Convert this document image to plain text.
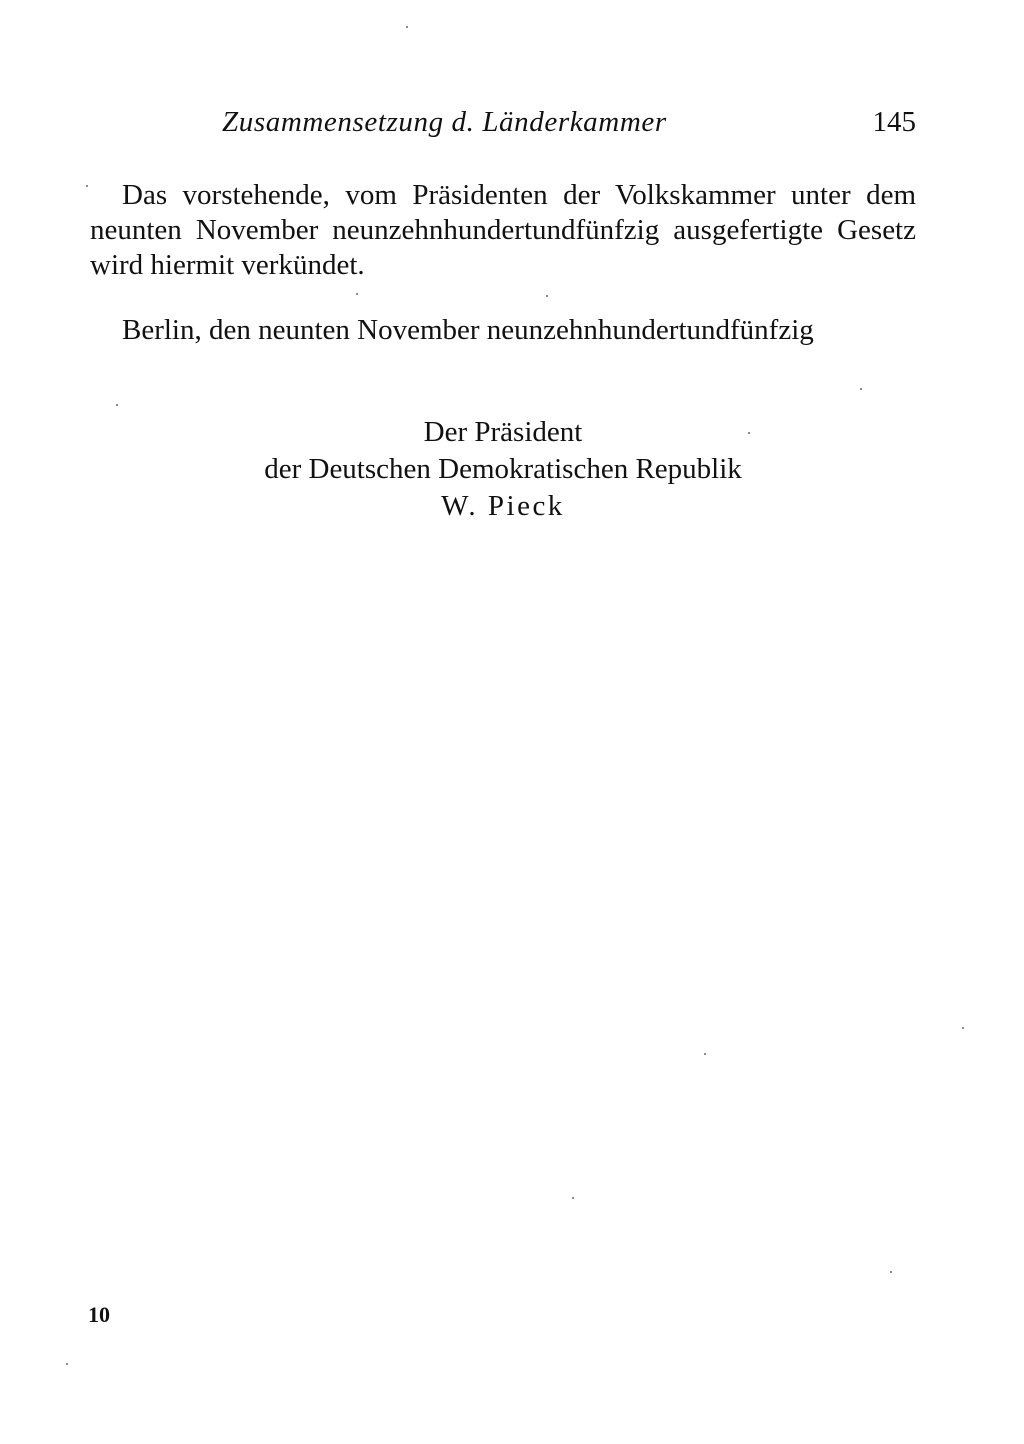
Zusammensetzung d. Länderkammer	145

Das vorstehende, vom Präsidenten der Volkskammer unter dem neunten November neunzehnhundertundfünfzig ausgefertigte Gesetz wird hiermit verkündet.

Berlin, den neunten November neunzehnhundertundfünfzig

Der Präsident
der Deutschen Demokratischen Republik
W. Pieck
10
